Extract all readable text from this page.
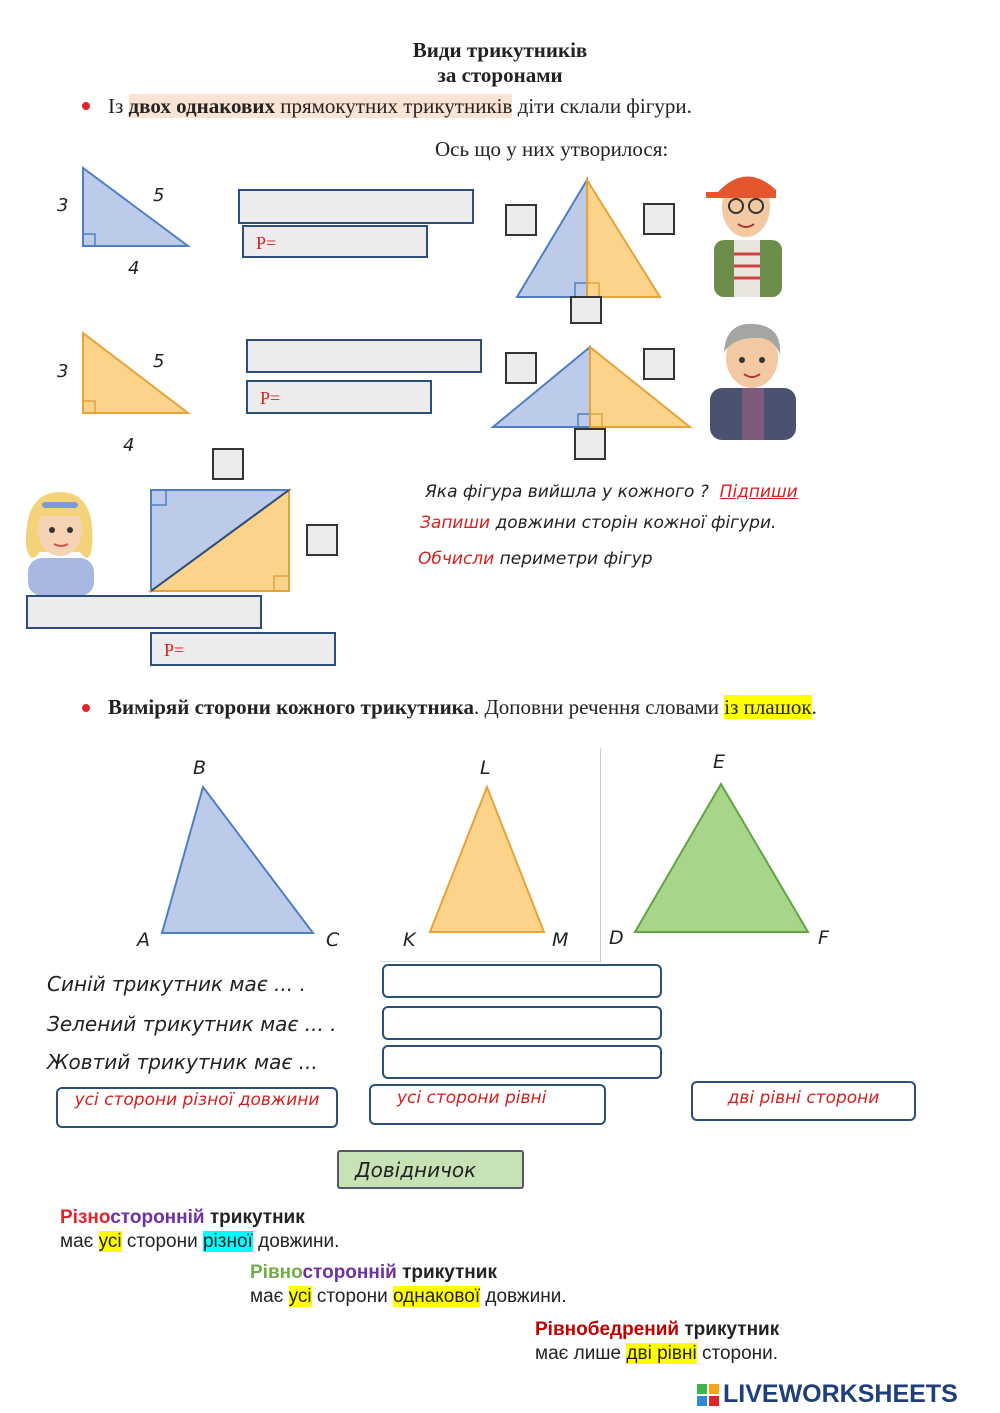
Види трикутників
за сторонами
Із двох однакових прямокутних трикутників діти склали фігури.
Ось що у них утворилося:
3	5
4
3	5
4
P=
P=
P=
Яка фігура вийшла у кожного ? Підпиши
Запиши довжини сторін кожної фігури.
Обчисли периметри фігур
Виміряй сторони кожного трикутника. Доповни речення словами із плашок.
B
A	C
L
K	M
E
D	F
Синій трикутник має ... .
Зелений трикутник має ... .
Жовтий трикутник має ...
усі сторони різної довжини	усі сторони рівні	дві рівні сторони
Довідничок
Різносторонній трикутник
має усі сторони різної довжини.
Рівносторонній трикутник
має усі сторони однакової довжини.
Рівнобедрений трикутник
має лише дві рівні сторони.
LIVEWORKSHEETS
